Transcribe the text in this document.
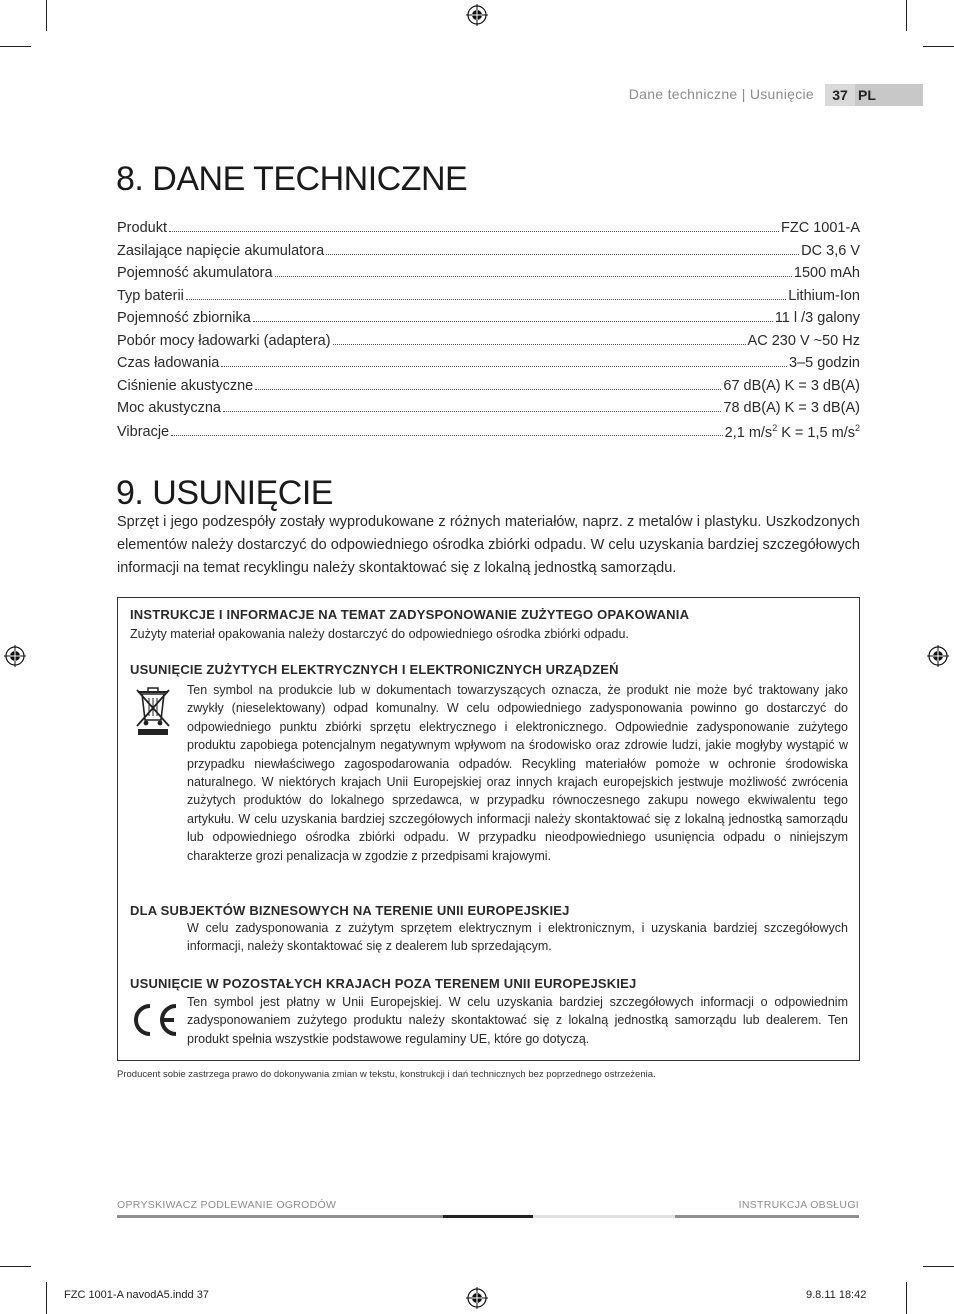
Dane techniczne | Usunięcie	37 PL
8. DANE TECHNICZNE
Produkt	FZC 1001-A
Zasilające napięcie akumulatora	DC 3,6 V
Pojemność akumulatora	1500 mAh
Typ baterii	Lithium-Ion
Pojemność zbiornika	11 l /3 galony
Pobór mocy ładowarki (adaptera)	AC 230 V ~50 Hz
Czas ładowania	3–5 godzin
Ciśnienie akustyczne	67 dB(A) K = 3 dB(A)
Moc akustyczna	78 dB(A) K = 3 dB(A)
Vibracje	2,1 $m/s^2$ K = 1,5 $m/s^2$
9. USUNIĘCIE

Sprzęt i jego podzespóły zostały wyprodukowane z różnych materiałów, naprz. z metalów i plastyku. Uszkodzonych elementów należy dostarczyć do odpowiedniego ośrodka zbiórki odpadu. W celu uzyskania bardziej szczegółowych informacji na temat recyklingu należy skontaktować się z lokalną jednostką samorządu.

INSTRUKCJE I INFORMACJE NA TEMAT ZADYSPONOWANIE ZUŻYTEGO OPAKOWANIA

Zużyty materiał opakowania należy dostarczyć do odpowiedniego ośrodka zbiórki odpadu.

USUNIĘCIE ZUŻYTYCH ELEKTRYCZNYCH I ELEKTRONICZNYCH URZĄDZEŃ

Ten symbol na produkcie lub w dokumentach towarzyszących oznacza, że produkt nie może być traktowany jako zwykły (nieselektowany) odpad komunalny. W celu odpowiedniego zadysponowania powinno go dostarczyć do odpowiedniego punktu zbiórki sprzętu elektrycznego i elektronicznego. Odpowiednie zadysponowanie zużytego produktu zapobiega potencjalnym negatywnym wpływom na środowisko oraz zdrowie ludzi, jakie mogłyby wystąpić w przypadku niewłaściwego zagospodarowania odpadów. Recykling materiałów pomoże w ochronie środowiska naturalnego. W niektórych krajach Unii Europejskiej oraz innych krajach europejskich jestwuje możliwość zwrócenia zużytych produktów do lokalnego sprzedawca, w przypadku równoczesnego zakupu nowego ekwiwalentu tego artykułu. W celu uzyskania bardziej szczegółowych informacji należy skontaktować się z lokalną jednostką samorządu lub odpowiedniego ośrodka zbiórki odpadu. W przypadku nieodpowiedniego usunięncia odpadu o niniejszym charakterze grozi penalizacja w zgodzie z przedpisami krajowymi.

DLA SUBJEKTÓW BIZNESOWYCH NA TERENIE UNII EUROPEJSKIEJ

W celu zadysponowania z zużytym sprzętem elektrycznym i elektronicznym, i uzyskania bardziej szczegółowych informacji, należy skontaktować się z dealerem lub sprzedającym.

USUNIĘCIE W POZOSTAŁYCH KRAJACH POZA TERENEM UNII EUROPEJSKIEJ

Ten symbol jest płatny w Unii Europejskiej. W celu uzyskania bardziej szczegółowych informacji o odpowiednim zadysponowaniem zużytego produktu należy skontaktować się z lokalną jednostką samorządu lub dealerem. Ten produkt spełnia wszystkie podstawowe regulaminy UE, które go dotyczą.

Producent sobie zastrzega prawo do dokonywania zmian w tekstu, konstrukcji i dań technicznych bez poprzednego ostrzeżenia.
OPRYSKIWACZ PODLEWANIE OGRODÓW	INSTRUKCJA OBSŁUGI
FZC 1001-A navodA5.indd 37	9.8.11 18:42
